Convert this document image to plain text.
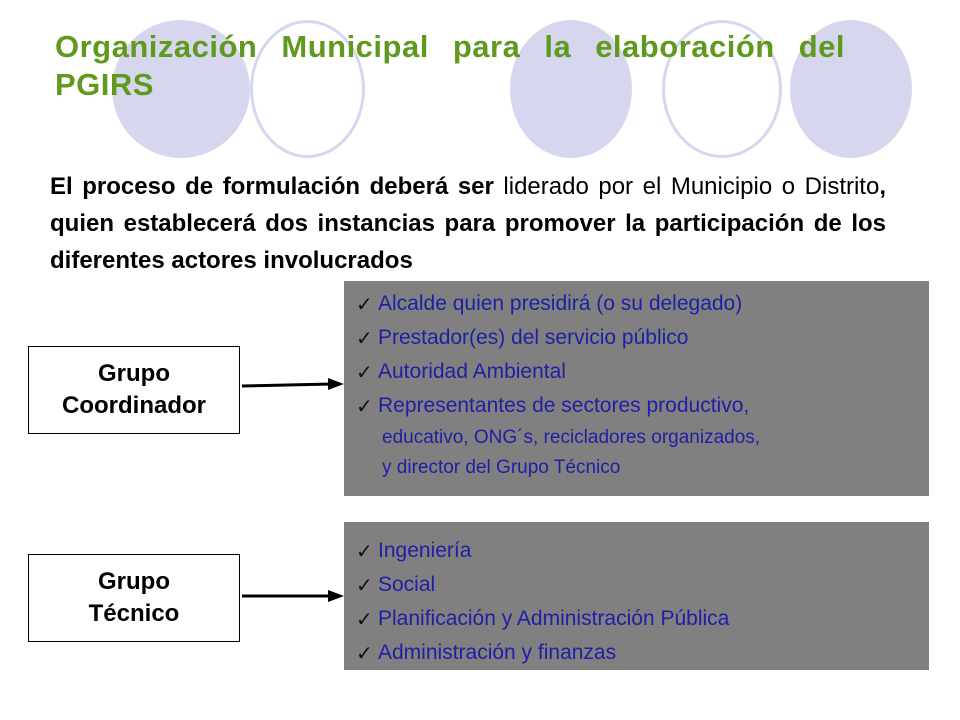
Organización Municipal para la elaboración del PGIRS

El proceso de formulación deberá ser liderado por el Municipio o Distrito, quien establecerá dos instancias para promover la participación de los diferentes actores involucrados

Grupo
Coordinador
✓ Alcalde quien presidirá (o su delegado)
✓ Prestador(es) del servicio público
✓ Autoridad Ambiental
✓ Representantes de sectores productivo,
educativo, ONG´s, recicladores organizados,
y director del Grupo Técnico
Grupo
Técnico
✓ Ingeniería
✓ Social
✓ Planificación y Administración Pública
✓ Administración y finanzas
